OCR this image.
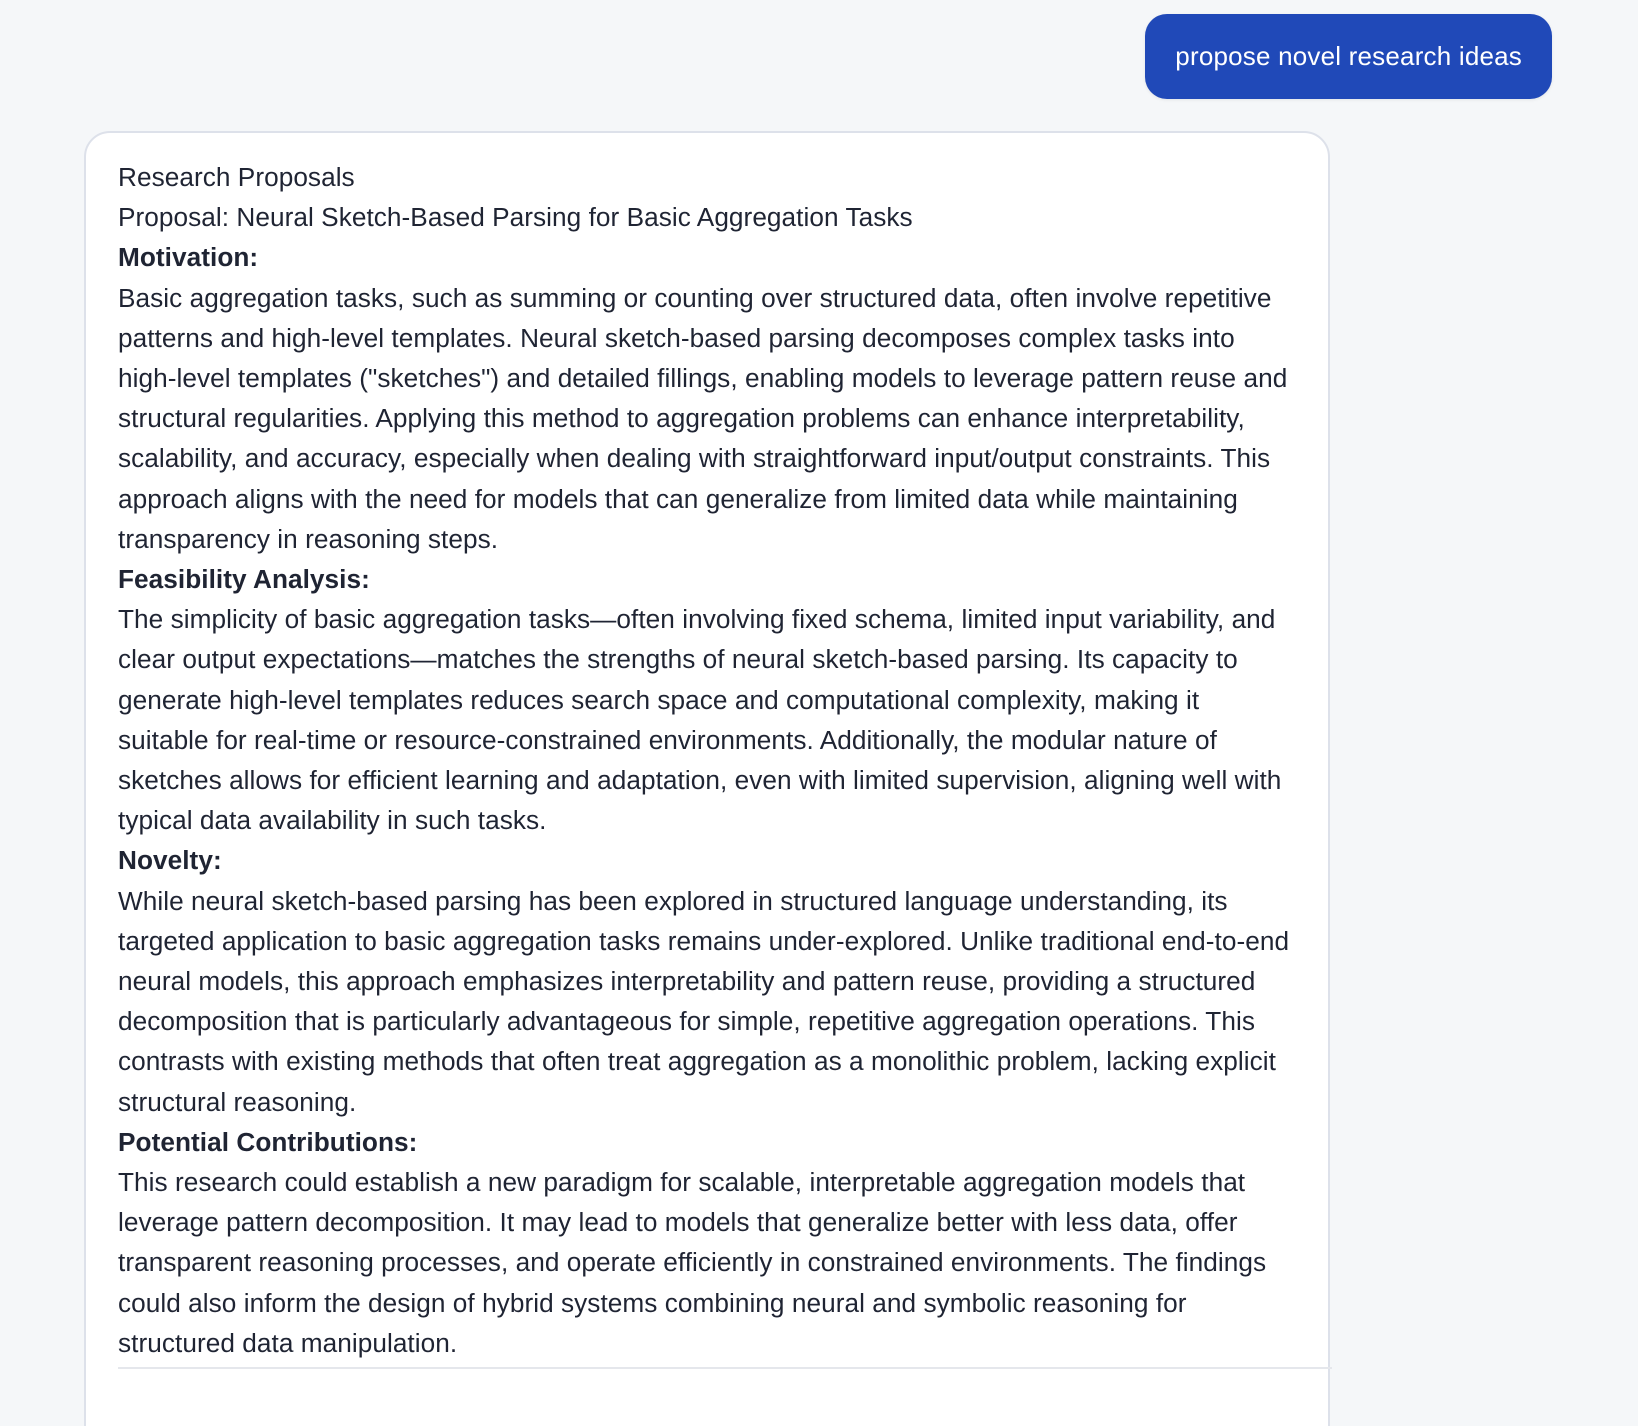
propose novel research ideas

Research Proposals

Proposal: Neural Sketch-Based Parsing for Basic Aggregation Tasks

Motivation:

Basic aggregation tasks, such as summing or counting over structured data, often involve repetitive patterns and high-level templates. Neural sketch-based parsing decomposes complex tasks into high-level templates ("sketches") and detailed fillings, enabling models to leverage pattern reuse and structural regularities. Applying this method to aggregation problems can enhance interpretability, scalability, and accuracy, especially when dealing with straightforward input/output constraints. This approach aligns with the need for models that can generalize from limited data while maintaining transparency in reasoning steps.

Feasibility Analysis:

The simplicity of basic aggregation tasks—often involving fixed schema, limited input variability, and clear output expectations—matches the strengths of neural sketch-based parsing. Its capacity to generate high-level templates reduces search space and computational complexity, making it suitable for real-time or resource-constrained environments. Additionally, the modular nature of sketches allows for efficient learning and adaptation, even with limited supervision, aligning well with typical data availability in such tasks.

Novelty:

While neural sketch-based parsing has been explored in structured language understanding, its targeted application to basic aggregation tasks remains under-explored. Unlike traditional end-to-end neural models, this approach emphasizes interpretability and pattern reuse, providing a structured decomposition that is particularly advantageous for simple, repetitive aggregation operations. This contrasts with existing methods that often treat aggregation as a monolithic problem, lacking explicit structural reasoning.

Potential Contributions:

This research could establish a new paradigm for scalable, interpretable aggregation models that leverage pattern decomposition. It may lead to models that generalize better with less data, offer transparent reasoning processes, and operate efficiently in constrained environments. The findings could also inform the design of hybrid systems combining neural and symbolic reasoning for structured data manipulation.
